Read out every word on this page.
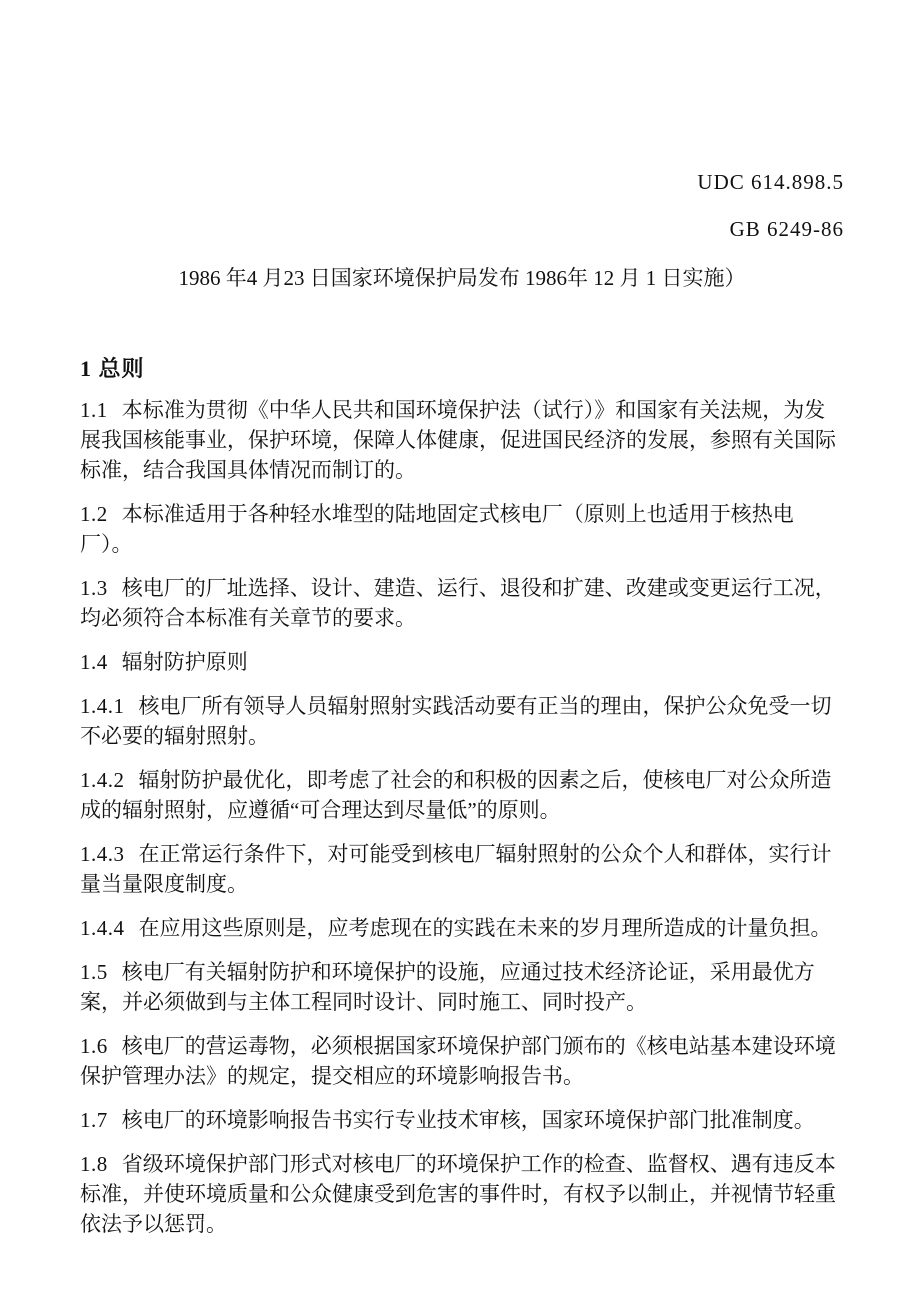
UDC 614.898.5
GB 6249-86
1986 年4 月23 日国家环境保护局发布 1986年 12 月 1 日实施）
1 总则

1.1 本标准为贯彻《中华人民共和国环境保护法（试行）》和国家有关法规，为发展我国核能事业，保护环境，保障人体健康，促进国民经济的发展，参照有关国际标准，结合我国具体情况而制订的。

1.2 本标准适用于各种轻水堆型的陆地固定式核电厂（原则上也适用于核热电厂）。

1.3 核电厂的厂址选择、设计、建造、运行、退役和扩建、改建或变更运行工况，均必须符合本标准有关章节的要求。

1.4 辐射防护原则

1.4.1 核电厂所有领导人员辐射照射实践活动要有正当的理由，保护公众免受一切不必要的辐射照射。

1.4.2 辐射防护最优化，即考虑了社会的和积极的因素之后，使核电厂对公众所造成的辐射照射，应遵循“可合理达到尽量低”的原则。

1.4.3 在正常运行条件下，对可能受到核电厂辐射照射的公众个人和群体，实行计量当量限度制度。

1.4.4 在应用这些原则是，应考虑现在的实践在未来的岁月理所造成的计量负担。

1.5 核电厂有关辐射防护和环境保护的设施，应通过技术经济论证，采用最优方案，并必须做到与主体工程同时设计、同时施工、同时投产。

1.6 核电厂的营运毒物，必须根据国家环境保护部门颁布的《核电站基本建设环境保护管理办法》的规定，提交相应的环境影响报告书。

1.7 核电厂的环境影响报告书实行专业技术审核，国家环境保护部门批准制度。

1.8 省级环境保护部门形式对核电厂的环境保护工作的检查、监督权、遇有违反本标准，并使环境质量和公众健康受到危害的事件时，有权予以制止，并视情节轻重依法予以惩罚。
